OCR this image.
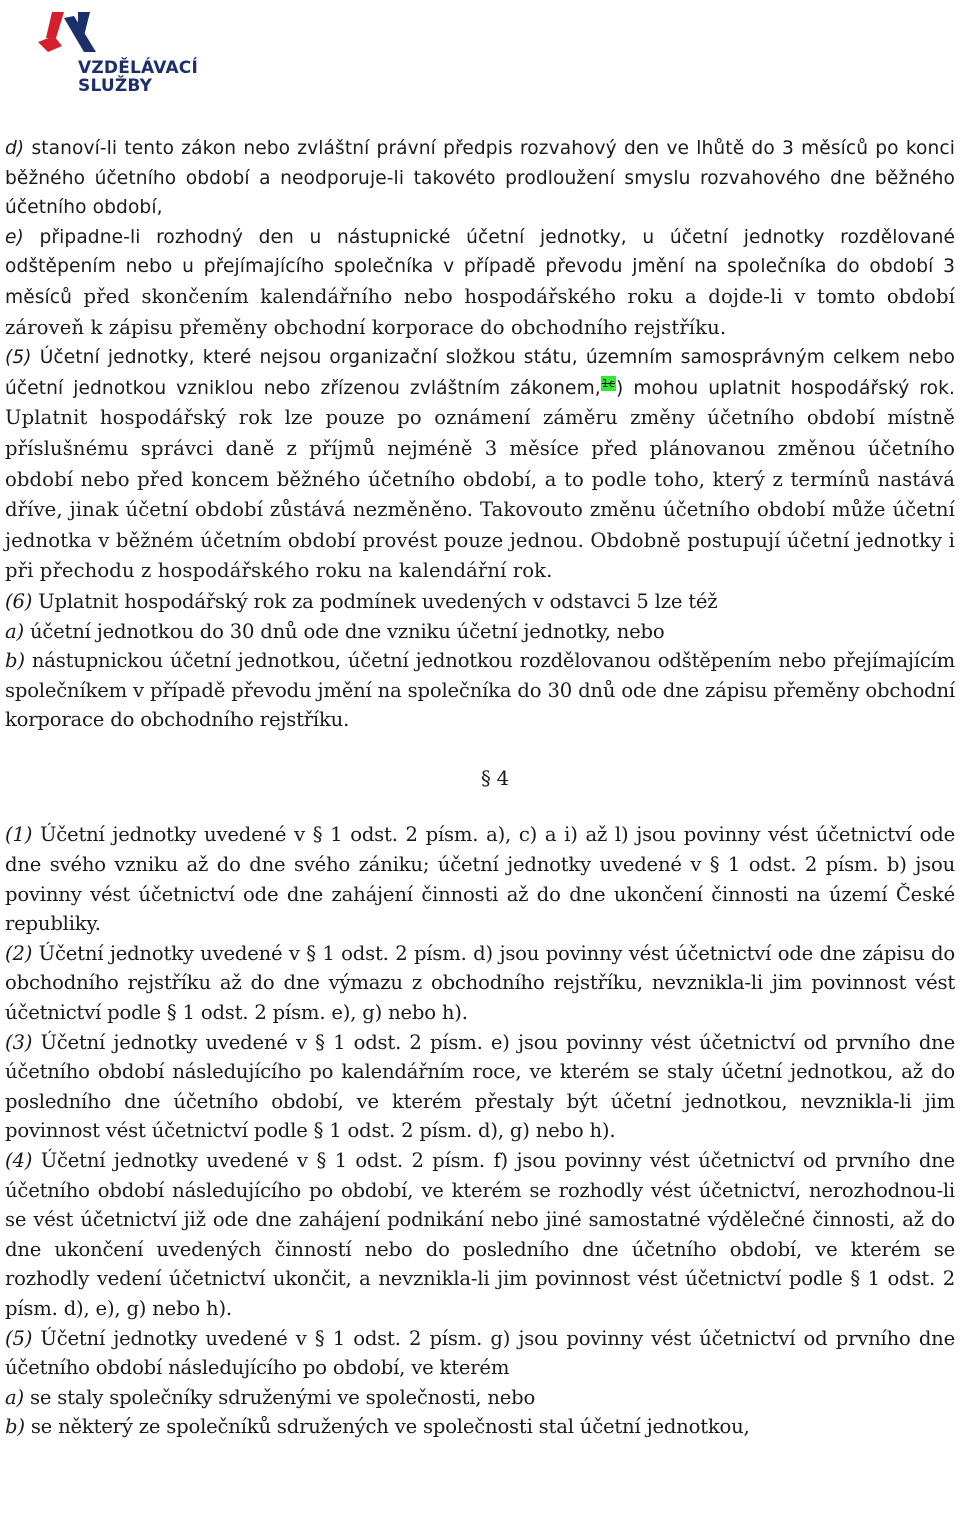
VZDĚLÁVACÍ
SLUŽBY

d) stanoví-li tento zákon nebo zvláštní právní předpis rozvahový den ve lhůtě do 3 měsíců po konci běžného účetního období a neodporuje-li takovéto prodloužení smyslu rozvahového dne běžného účetního období,

e) připadne-li rozhodný den u nástupnické účetní jednotky, u účetní jednotky rozdělované odštěpením nebo u přejímajícího společníka v případě převodu jmění na společníka do období 3 měsíců před skončením kalendářního nebo hospodářského roku a dojde-li v tomto období zároveň k zápisu přeměny obchodní korporace do obchodního rejstříku.

(5) Účetní jednotky, které nejsou organizační složkou státu, územním samosprávným celkem nebo účetní jednotkou vzniklou nebo zřízenou zvláštním zákonem,$^{1c}$) mohou uplatnit hospodářský rok. Uplatnit hospodářský rok lze pouze po oznámení záměru změny účetního období místně příslušnému správci daně z příjmů nejméně 3 měsíce před plánovanou změnou účetního období nebo před koncem běžného účetního období, a to podle toho, který z termínů nastává dříve, jinak účetní období zůstává nezměněno. Takovouto změnu účetního období může účetní jednotka v běžném účetním období provést pouze jednou. Obdobně postupují účetní jednotky i při přechodu z hospodářského roku na kalendářní rok.

(6) Uplatnit hospodářský rok za podmínek uvedených v odstavci 5 lze též

a) účetní jednotkou do 30 dnů ode dne vzniku účetní jednotky, nebo

b) nástupnickou účetní jednotkou, účetní jednotkou rozdělovanou odštěpením nebo přejímajícím společníkem v případě převodu jmění na společníka do 30 dnů ode dne zápisu přeměny obchodní korporace do obchodního rejstříku.

§ 4

(1) Účetní jednotky uvedené v § 1 odst. 2 písm. a), c) a i) až l) jsou povinny vést účetnictví ode dne svého vzniku až do dne svého zániku; účetní jednotky uvedené v § 1 odst. 2 písm. b) jsou povinny vést účetnictví ode dne zahájení činnosti až do dne ukončení činnosti na území České republiky.

(2) Účetní jednotky uvedené v § 1 odst. 2 písm. d) jsou povinny vést účetnictví ode dne zápisu do obchodního rejstříku až do dne výmazu z obchodního rejstříku, nevznikla-li jim povinnost vést účetnictví podle § 1 odst. 2 písm. e), g) nebo h).

(3) Účetní jednotky uvedené v § 1 odst. 2 písm. e) jsou povinny vést účetnictví od prvního dne účetního období následujícího po kalendářním roce, ve kterém se staly účetní jednotkou, až do posledního dne účetního období, ve kterém přestaly být účetní jednotkou, nevznikla-li jim povinnost vést účetnictví podle § 1 odst. 2 písm. d), g) nebo h).

(4) Účetní jednotky uvedené v § 1 odst. 2 písm. f) jsou povinny vést účetnictví od prvního dne účetního období následujícího po období, ve kterém se rozhodly vést účetnictví, nerozhodnou-li se vést účetnictví již ode dne zahájení podnikání nebo jiné samostatné výdělečné činnosti, až do dne ukončení uvedených činností nebo do posledního dne účetního období, ve kterém se rozhodly vedení účetnictví ukončit, a nevznikla-li jim povinnost vést účetnictví podle § 1 odst. 2 písm. d), e), g) nebo h).

(5) Účetní jednotky uvedené v § 1 odst. 2 písm. g) jsou povinny vést účetnictví od prvního dne účetního období následujícího po období, ve kterém

a) se staly společníky sdruženými ve společnosti, nebo

b) se některý ze společníků sdružených ve společnosti stal účetní jednotkou,
